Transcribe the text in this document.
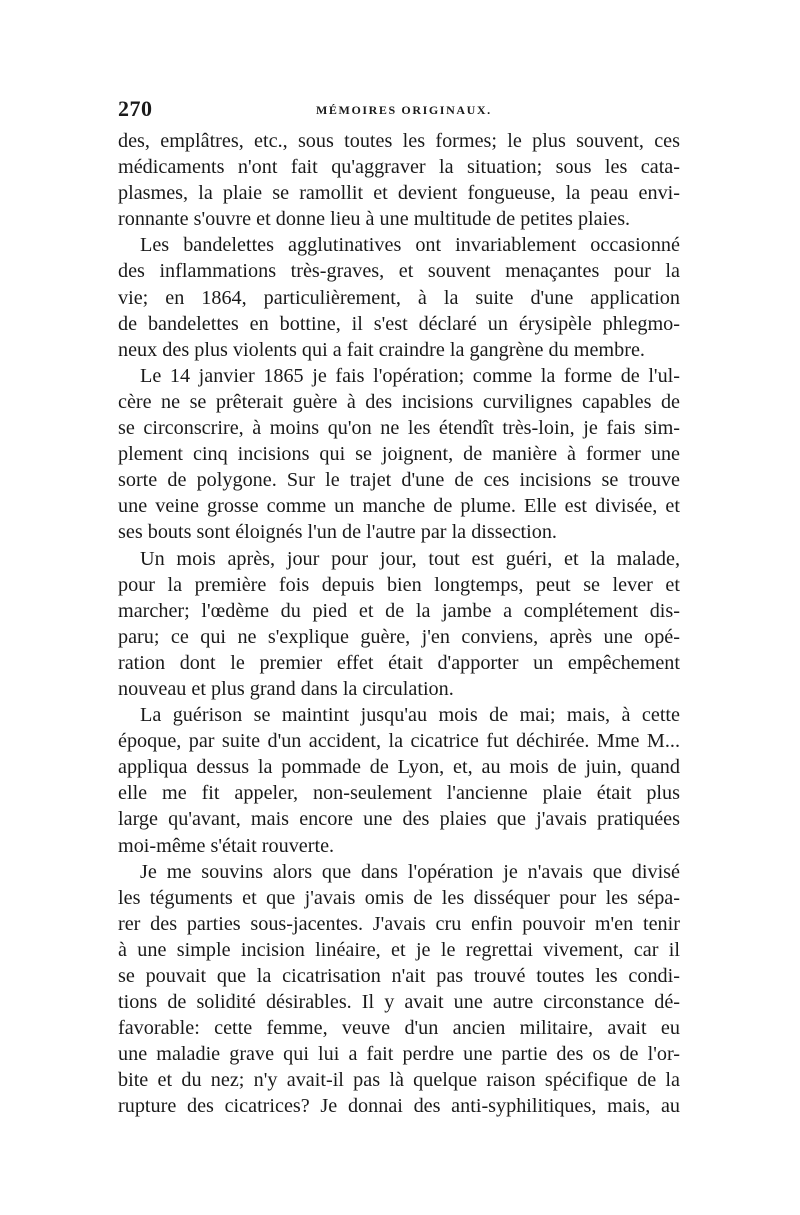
270	MÉMOIRES ORIGINAUX.
des, emplâtres, etc., sous toutes les formes; le plus souvent, ces
médicaments n'ont fait qu'aggraver la situation; sous les cata-
plasmes, la plaie se ramollit et devient fongueuse, la peau envi-
ronnante s'ouvre et donne lieu à une multitude de petites plaies.
Les bandelettes agglutinatives ont invariablement occasionné
des inflammations très-graves, et souvent menaçantes pour la
vie; en 1864, particulièrement, à la suite d'une application
de bandelettes en bottine, il s'est déclaré un érysipèle phlegmo-
neux des plus violents qui a fait craindre la gangrène du membre.
Le 14 janvier 1865 je fais l'opération; comme la forme de l'ul-
cère ne se prêterait guère à des incisions curvilignes capables de
se circonscrire, à moins qu'on ne les étendît très-loin, je fais sim-
plement cinq incisions qui se joignent, de manière à former une
sorte de polygone. Sur le trajet d'une de ces incisions se trouve
une veine grosse comme un manche de plume. Elle est divisée, et
ses bouts sont éloignés l'un de l'autre par la dissection.
Un mois après, jour pour jour, tout est guéri, et la malade,
pour la première fois depuis bien longtemps, peut se lever et
marcher; l'œdème du pied et de la jambe a complétement dis-
paru; ce qui ne s'explique guère, j'en conviens, après une opé-
ration dont le premier effet était d'apporter un empêchement
nouveau et plus grand dans la circulation.
La guérison se maintint jusqu'au mois de mai; mais, à cette
époque, par suite d'un accident, la cicatrice fut déchirée. Mme M...
appliqua dessus la pommade de Lyon, et, au mois de juin, quand
elle me fit appeler, non-seulement l'ancienne plaie était plus
large qu'avant, mais encore une des plaies que j'avais pratiquées
moi-même s'était rouverte.
Je me souvins alors que dans l'opération je n'avais que divisé
les téguments et que j'avais omis de les disséquer pour les sépa-
rer des parties sous-jacentes. J'avais cru enfin pouvoir m'en tenir
à une simple incision linéaire, et je le regrettai vivement, car il
se pouvait que la cicatrisation n'ait pas trouvé toutes les condi-
tions de solidité désirables. Il y avait une autre circonstance dé-
favorable: cette femme, veuve d'un ancien militaire, avait eu
une maladie grave qui lui a fait perdre une partie des os de l'or-
bite et du nez; n'y avait-il pas là quelque raison spécifique de la
rupture des cicatrices? Je donnai des anti-syphilitiques, mais, au
